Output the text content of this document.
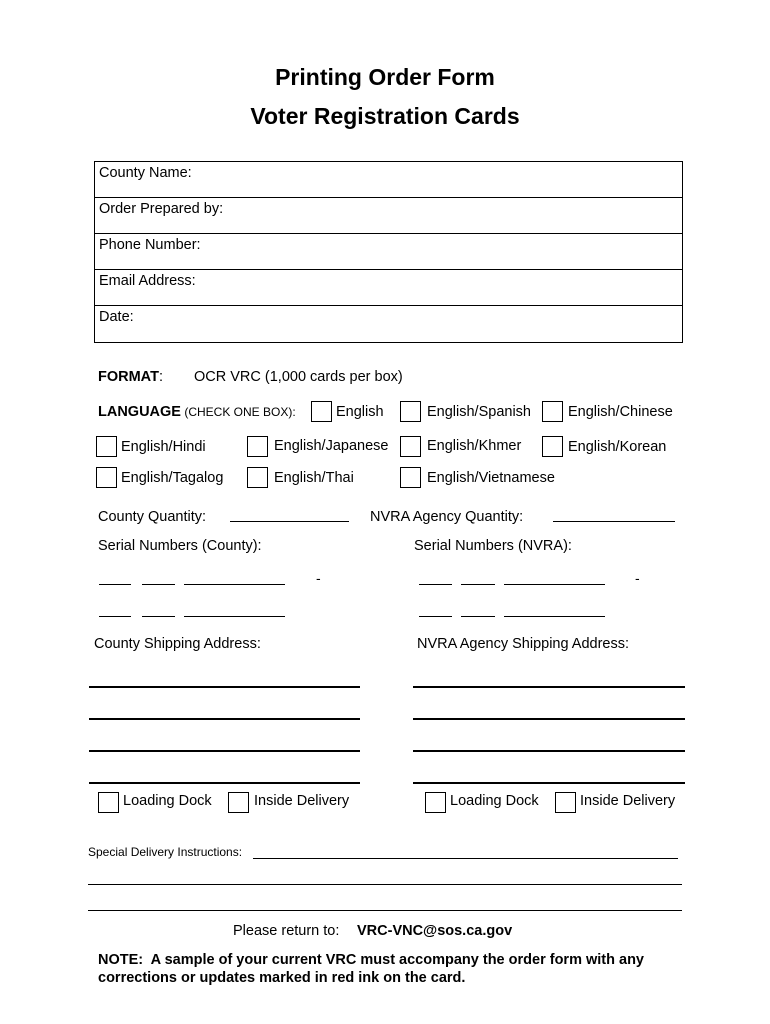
Printing Order Form
Voter Registration Cards
County Name:
Order Prepared by:
Phone Number:
Email Address:
Date:
FORMAT: OCR VRC (1,000 cards per box)
LANGUAGE (CHECK ONE BOX):	English	English/Spanish	English/Chinese
English/Hindi	English/Japanese	English/Khmer	English/Korean
English/Tagalog	English/Thai	English/Vietnamese
County Quantity:	NVRA Agency Quantity:
Serial Numbers (County):	Serial Numbers (NVRA):
-	-
County Shipping Address:	NVRA Agency Shipping Address:
Loading Dock	Inside Delivery	Loading Dock	Inside Delivery
Special Delivery Instructions:
Please return to: VRC-VNC@sos.ca.gov
NOTE:  A sample of your current VRC must accompany the order form with any
corrections or updates marked in red ink on the card.
